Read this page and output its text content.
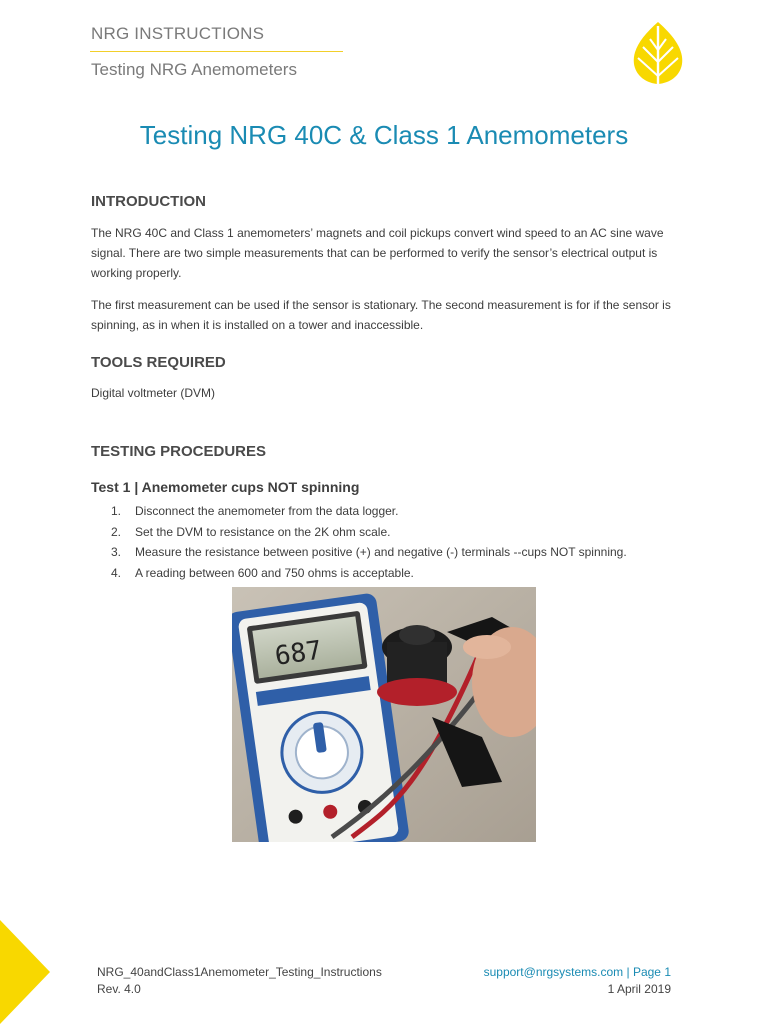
NRG INSTRUCTIONS
Testing NRG Anemometers
Testing NRG 40C & Class 1 Anemometers
INTRODUCTION

The NRG 40C and Class 1 anemometers’ magnets and coil pickups convert wind speed to an AC sine wave signal. There are two simple measurements that can be performed to verify the sensor’s electrical output is working properly.

The first measurement can be used if the sensor is stationary. The second measurement is for if the sensor is spinning, as in when it is installed on a tower and inaccessible.

TOOLS REQUIRED

Digital voltmeter (DVM)

TESTING PROCEDURES
Test 1 | Anemometer cups NOT spinning
1. Disconnect the anemometer from the data logger.
2. Set the DVM to resistance on the 2K ohm scale.
3. Measure the resistance between positive (+) and negative (-) terminals --cups NOT spinning.
4. A reading between 600 and 750 ohms is acceptable.
687
NRG_40andClass1Anemometer_Testing_Instructions
Rev. 4.0
support@nrgsystems.com | Page 1
1 April 2019
